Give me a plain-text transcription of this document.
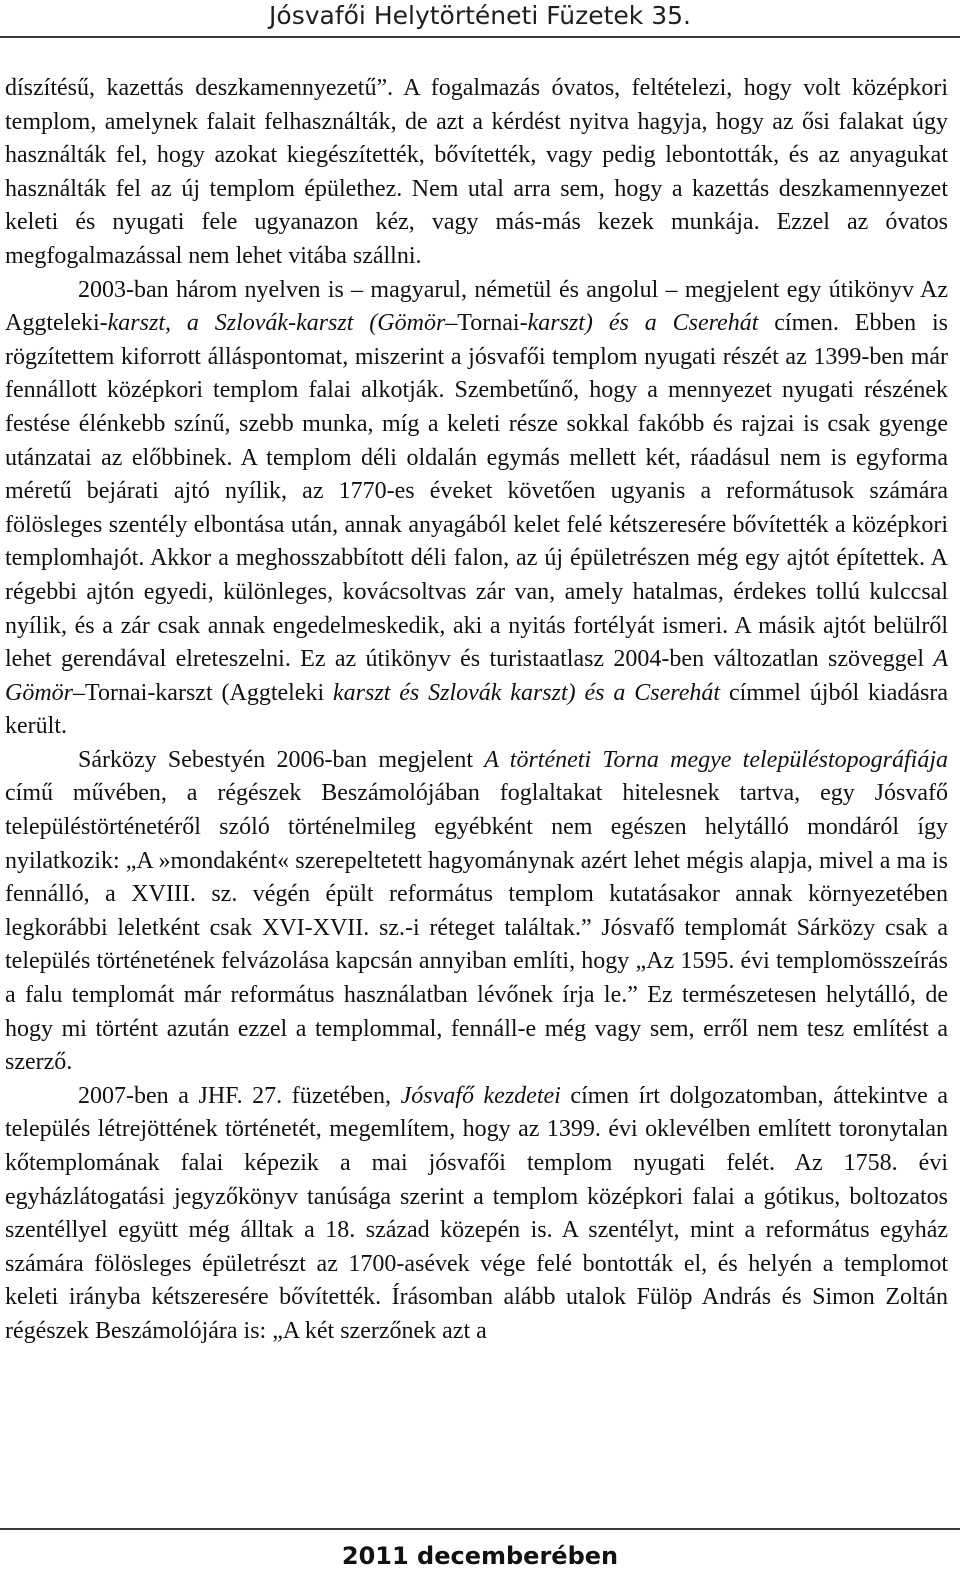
Jósvafői Helytörténeti Füzetek 35.

díszítésű, kazettás deszkamennyezetű”. A fogalmazás óvatos, feltételezi, hogy volt középkori templom, amelynek falait felhasználták, de azt a kérdést nyitva hagyja, hogy az ősi falakat úgy használták fel, hogy azokat kiegészítették, bővítették, vagy pedig lebontották, és az anyagukat használták fel az új templom épülethez. Nem utal arra sem, hogy a kazettás deszkamennyezet keleti és nyugati fele ugyanazon kéz, vagy más-más kezek munkája. Ezzel az óvatos megfogalmazással nem lehet vitába szállni.

2003-ban három nyelven is – magyarul, németül és angolul – megjelent egy útikönyv Az Aggteleki-karszt, a Szlovák-karszt (Gömör–Tornai-karszt) és a Cserehát címen. Ebben is rögzítettem kiforrott álláspontomat, miszerint a jósvafői templom nyugati részét az 1399-ben már fennállott középkori templom falai alkotják. Szembetűnő, hogy a mennyezet nyugati részének festése élénkebb színű, szebb munka, míg a keleti része sokkal fakóbb és rajzai is csak gyenge utánzatai az előbbinek. A templom déli oldalán egymás mellett két, ráadásul nem is egyforma méretű bejárati ajtó nyílik, az 1770-es éveket követően ugyanis a reformátusok számára fölösleges szentély elbontása után, annak anyagából kelet felé kétszeresére bővítették a középkori templomhajót. Akkor a meghosszabbított déli falon, az új épületrészen még egy ajtót építettek. A régebbi ajtón egyedi, különleges, kovácsoltvas zár van, amely hatalmas, érdekes tollú kulccsal nyílik, és a zár csak annak engedelmeskedik, aki a nyitás fortélyát ismeri. A másik ajtót belülről lehet gerendával elreteszelni. Ez az útikönyv és turistaatlasz 2004-ben változatlan szöveggel A Gömör–Tornai-karszt (Aggteleki karszt és Szlovák karszt) és a Cserehát címmel újból kiadásra került.

Sárközy Sebestyén 2006-ban megjelent A történeti Torna megye településtopográfiája című művében, a régészek Beszámolójában foglaltakat hitelesnek tartva, egy Jósvafő településtörténetéről szóló történelmileg egyébként nem egészen helytálló mondáról így nyilatkozik: „A »mondaként« szerepeltetett hagyománynak azért lehet mégis alapja, mivel a ma is fennálló, a XVIII. sz. végén épült református templom kutatásakor annak környezetében legkorábbi leletként csak XVI-XVII. sz.-i réteget találtak.” Jósvafő templomát Sárközy csak a település történetének felvázolása kapcsán annyiban említi, hogy „Az 1595. évi templomösszeírás a falu templomát már református használatban lévőnek írja le.” Ez természetesen helytálló, de hogy mi történt azután ezzel a templommal, fennáll-e még vagy sem, erről nem tesz említést a szerző.

2007-ben a JHF. 27. füzetében, Jósvafő kezdetei címen írt dolgozatomban, áttekintve a település létrejöttének történetét, megemlítem, hogy az 1399. évi oklevélben említett toronytalan kőtemplomának falai képezik a mai jósvafői templom nyugati felét. Az 1758. évi egyházlátogatási jegyzőkönyv tanúsága szerint a templom középkori falai a gótikus, boltozatos szentéllyel együtt még álltak a 18. század közepén is. A szentélyt, mint a református egyház számára fölösleges épületrészt az 1700-asévek vége felé bontották el, és helyén a templomot keleti irányba kétszeresére bővítették. Írásomban alább utalok Fülöp András és Simon Zoltán régészek Beszámolójára is: „A két szerzőnek azt a

2011 decemberében
